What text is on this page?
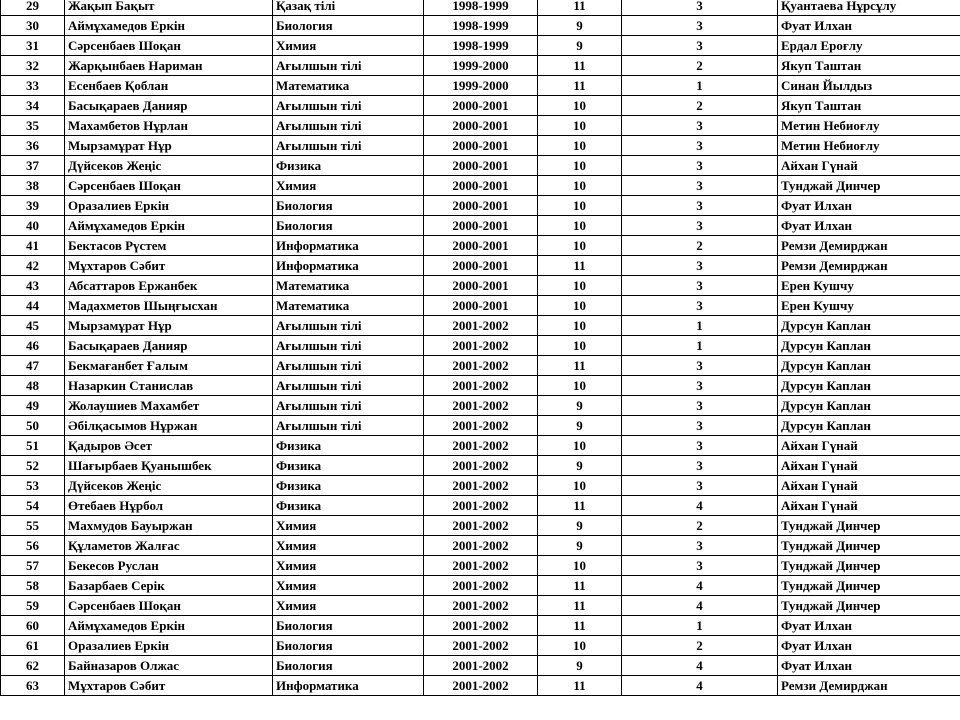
29	Жақып Бақыт	Қазақ тілі	1998-1999	11	3	Қуантаева Нұрсұлу
30	Аймұхамедов Еркін	Биология	1998-1999	9	3	Фуат Илхан
31	Сәрсенбаев Шоқан	Химия	1998-1999	9	3	Ердал Ероғлу
32	Жарқынбаев Нариман	Ағылшын тілі	1999-2000	11	2	Якуп Таштан
33	Есенбаев Қоблан	Математика	1999-2000	11	1	Синан Йылдыз
34	Басықараев Данияр	Ағылшын тілі	2000-2001	10	2	Якуп Таштан
35	Махамбетов Нұрлан	Ағылшын тілі	2000-2001	10	3	Метин Небиоғлу
36	Мырзамұрат Нұр	Ағылшын тілі	2000-2001	10	3	Метин Небиоғлу
37	Дүйсеков Жеңіс	Физика	2000-2001	10	3	Айхан Гүнай
38	Сәрсенбаев Шоқан	Химия	2000-2001	10	3	Тунджай Динчер
39	Оразалиев Еркін	Биология	2000-2001	10	3	Фуат Илхан
40	Аймұхамедов Еркін	Биология	2000-2001	10	3	Фуат Илхан
41	Бектасов Рүстем	Информатика	2000-2001	10	2	Ремзи Демирджан
42	Мұхтаров Сәбит	Информатика	2000-2001	11	3	Ремзи Демирджан
43	Абсаттаров Ержанбек	Математика	2000-2001	10	3	Ерен Кушчу
44	Мадахметов Шыңғысхан	Математика	2000-2001	10	3	Ерен Кушчу
45	Мырзамұрат Нұр	Ағылшын тілі	2001-2002	10	1	Дурсун Каплан
46	Басықараев Данияр	Ағылшын тілі	2001-2002	10	1	Дурсун Каплан
47	Бекмағанбет Ғалым	Ағылшын тілі	2001-2002	11	3	Дурсун Каплан
48	Назаркин Станислав	Ағылшын тілі	2001-2002	10	3	Дурсун Каплан
49	Жолаушиев Махамбет	Ағылшын тілі	2001-2002	9	3	Дурсун Каплан
50	Әбілқасымов Нұржан	Ағылшын тілі	2001-2002	9	3	Дурсун Каплан
51	Қадыров Әсет	Физика	2001-2002	10	3	Айхан Гүнай
52	Шағырбаев Қуанышбек	Физика	2001-2002	9	3	Айхан Гүнай
53	Дүйсеков Жеңіс	Физика	2001-2002	10	3	Айхан Гүнай
54	Өтебаев Нұрбол	Физика	2001-2002	11	4	Айхан Гүнай
55	Махмудов Бауыржан	Химия	2001-2002	9	2	Тунджай Динчер
56	Құламетов Жалғас	Химия	2001-2002	9	3	Тунджай Динчер
57	Бекесов Руслан	Химия	2001-2002	10	3	Тунджай Динчер
58	Базарбаев Серік	Химия	2001-2002	11	4	Тунджай Динчер
59	Сәрсенбаев Шоқан	Химия	2001-2002	11	4	Тунджай Динчер
60	Аймұхамедов Еркін	Биология	2001-2002	11	1	Фуат Илхан
61	Оразалиев Еркін	Биология	2001-2002	10	2	Фуат Илхан
62	Байназаров Олжас	Биология	2001-2002	9	4	Фуат Илхан
63	Мұхтаров Сәбит	Информатика	2001-2002	11	4	Ремзи Демирджан
